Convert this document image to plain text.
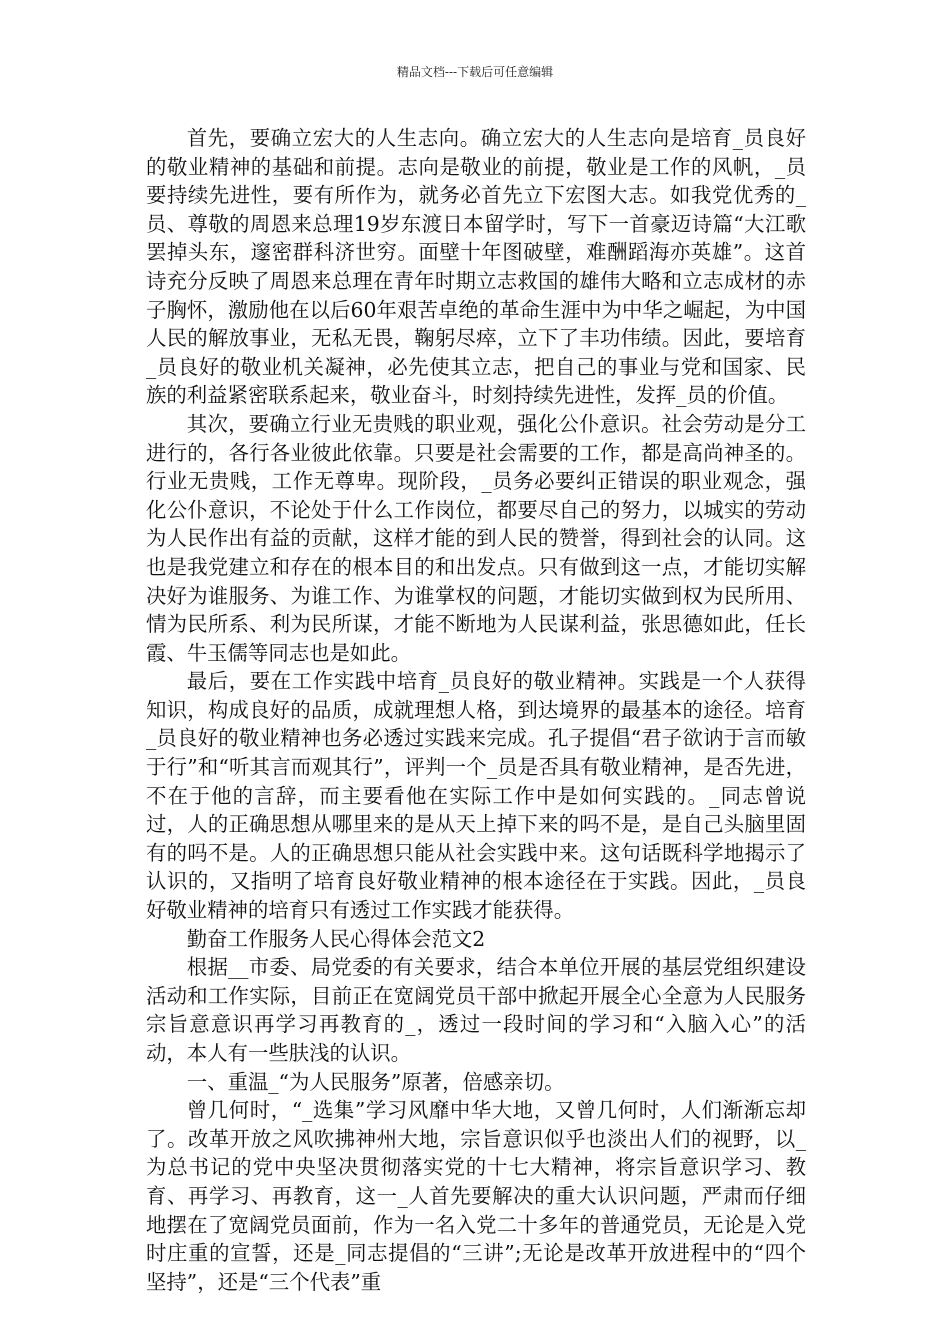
精品文档---下载后可任意编辑

首先，要确立宏大的人生志向。确立宏大的人生志向是培育_员良好的敬业精神的基础和前提。志向是敬业的前提，敬业是工作的风帆，_员要持续先进性，要有所作为，就务必首先立下宏图大志。如我党优秀的_员、尊敬的周恩来总理19岁东渡日本留学时，写下一首豪迈诗篇“大江歌罢掉头东，邃密群科济世穷。面壁十年图破壁，难酬蹈海亦英雄”。这首诗充分反映了周恩来总理在青年时期立志救国的雄伟大略和立志成材的赤子胸怀，激励他在以后60年艰苦卓绝的革命生涯中为中华之崛起，为中国人民的解放事业，无私无畏，鞠躬尽瘁，立下了丰功伟绩。因此，要培育_员良好的敬业机关凝神，必先使其立志，把自己的事业与党和国家、民族的利益紧密联系起来，敬业奋斗，时刻持续先进性，发挥_员的价值。

其次，要确立行业无贵贱的职业观，强化公仆意识。社会劳动是分工进行的，各行各业彼此依靠。只要是社会需要的工作，都是高尚神圣的。行业无贵贱，工作无尊卑。现阶段，_员务必要纠正错误的职业观念，强化公仆意识，不论处于什么工作岗位，都要尽自己的努力，以城实的劳动为人民作出有益的贡献，这样才能的到人民的赞誉，得到社会的认同。这也是我党建立和存在的根本目的和出发点。只有做到这一点，才能切实解决好为谁服务、为谁工作、为谁掌权的问题，才能切实做到权为民所用、情为民所系、利为民所谋，才能不断地为人民谋利益，张思德如此，任长霞、牛玉儒等同志也是如此。

最后，要在工作实践中培育_员良好的敬业精神。实践是一个人获得知识，构成良好的品质，成就理想人格，到达境界的最基本的途径。培育_员良好的敬业精神也务必透过实践来完成。孔子提倡“君子欲讷于言而敏于行”和“听其言而观其行”，评判一个_员是否具有敬业精神，是否先进，不在于他的言辞，而主要看他在实际工作中是如何实践的。_同志曾说过，人的正确思想从哪里来的是从天上掉下来的吗不是，是自己头脑里固有的吗不是。人的正确思想只能从社会实践中来。这句话既科学地揭示了认识的，又指明了培育良好敬业精神的根本途径在于实践。因此，_员良好敬业精神的培育只有透过工作实践才能获得。

勤奋工作服务人民心得体会范文2

根据__市委、局党委的有关要求，结合本单位开展的基层党组织建设活动和工作实际，目前正在宽阔党员干部中掀起开展全心全意为人民服务宗旨意意识再学习再教育的_，透过一段时间的学习和“入脑入心”的活动，本人有一些肤浅的认识。

一、重温_“为人民服务”原著，倍感亲切。

曾几何时，“_选集”学习风靡中华大地，又曾几何时，人们渐渐忘却了。改革开放之风吹拂神州大地，宗旨意识似乎也淡出人们的视野，以_为总书记的党中央坚决贯彻落实党的十七大精神，将宗旨意识学习、教育、再学习、再教育，这一_人首先要解决的重大认识问题，严肃而仔细地摆在了宽阔党员面前，作为一名入党二十多年的普通党员，无论是入党时庄重的宣誓，还是_同志提倡的“三讲”;无论是改革开放进程中的“四个坚持”，还是“三个代表”重
